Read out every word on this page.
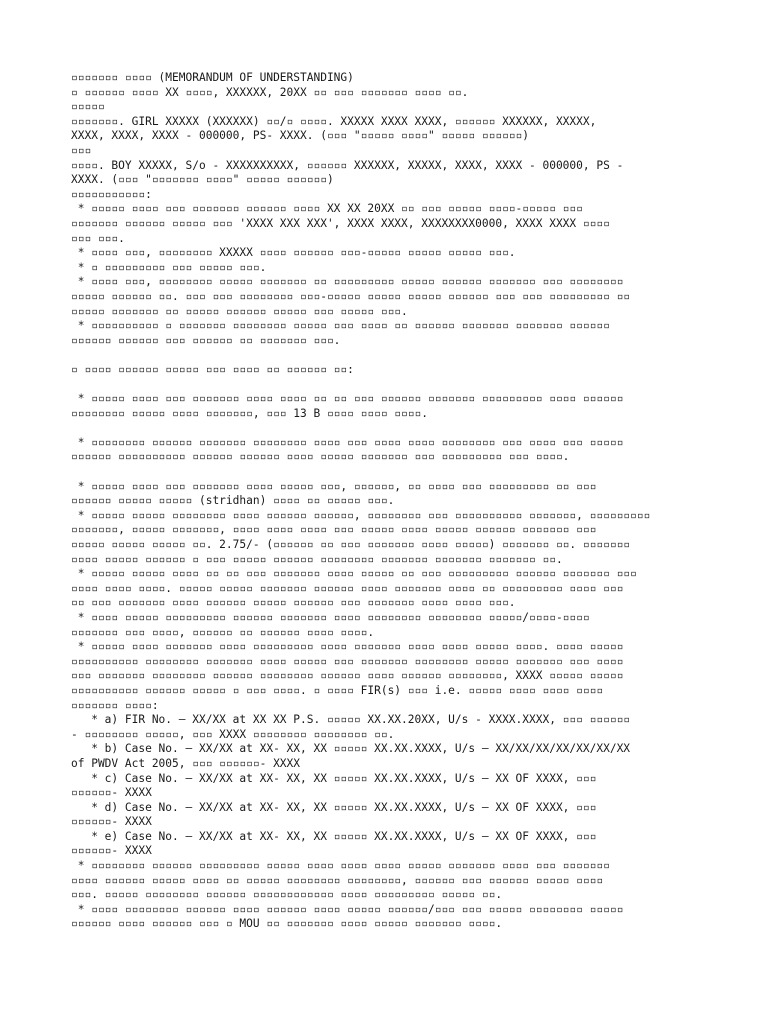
▫▫▫▫▫▫▫ ▫▫▫▫ (MEMORANDUM OF UNDERSTANDING)
▫ ▫▫▫▫▫▫ ▫▫▫▫ XX ▫▫▫▫, XXXXXX, 20XX ▫▫ ▫▫▫ ▫▫▫▫▫▫▫ ▫▫▫▫ ▫▫.
▫▫▫▫▫
▫▫▫▫▫▫▫. GIRL XXXXX (XXXXXX) ▫▫/▫ ▫▫▫▫. XXXXX XXXX XXXX, ▫▫▫▫▫▫ XXXXXX, XXXXX,
XXXX, XXXX, XXXX - 000000, PS- XXXX. (▫▫▫ "▫▫▫▫▫ ▫▫▫▫" ▫▫▫▫▫ ▫▫▫▫▫▫)
▫▫▫
▫▫▫▫. BOY XXXXX, S/o - XXXXXXXXXX, ▫▫▫▫▫▫ XXXXXX, XXXXX, XXXX, XXXX - 000000, PS -
XXXX. (▫▫▫ "▫▫▫▫▫▫▫ ▫▫▫▫" ▫▫▫▫▫ ▫▫▫▫▫▫)
▫▫▫▫▫▫▫▫▫▫▫:
* ▫▫▫▫▫ ▫▫▫▫ ▫▫▫ ▫▫▫▫▫▫▫ ▫▫▫▫▫▫ ▫▫▫▫ XX XX 20XX ▫▫ ▫▫▫ ▫▫▫▫▫ ▫▫▫▫-▫▫▫▫▫ ▫▫▫
▫▫▫▫▫▫▫ ▫▫▫▫▫▫ ▫▫▫▫▫ ▫▫▫ 'XXXX XXX XXX', XXXX XXXX, XXXXXXXX0000, XXXX XXXX ▫▫▫▫
▫▫▫ ▫▫▫.
* ▫▫▫▫ ▫▫▫, ▫▫▫▫▫▫▫▫ XXXXX ▫▫▫▫ ▫▫▫▫▫▫ ▫▫▫-▫▫▫▫▫ ▫▫▫▫▫ ▫▫▫▫▫ ▫▫▫.
* ▫ ▫▫▫▫▫▫▫▫▫ ▫▫▫ ▫▫▫▫▫ ▫▫▫.
* ▫▫▫▫ ▫▫▫, ▫▫▫▫▫▫▫▫ ▫▫▫▫▫ ▫▫▫▫▫▫▫ ▫▫ ▫▫▫▫▫▫▫▫▫ ▫▫▫▫▫ ▫▫▫▫▫▫ ▫▫▫▫▫▫▫ ▫▫▫ ▫▫▫▫▫▫▫▫
▫▫▫▫▫ ▫▫▫▫▫▫ ▫▫. ▫▫▫ ▫▫▫ ▫▫▫▫▫▫▫▫ ▫▫▫-▫▫▫▫▫ ▫▫▫▫▫ ▫▫▫▫▫ ▫▫▫▫▫▫ ▫▫▫ ▫▫▫ ▫▫▫▫▫▫▫▫▫ ▫▫
▫▫▫▫▫ ▫▫▫▫▫▫▫ ▫▫ ▫▫▫▫▫ ▫▫▫▫▫▫ ▫▫▫▫▫ ▫▫▫ ▫▫▫▫▫ ▫▫▫.
* ▫▫▫▫▫▫▫▫▫▫ ▫ ▫▫▫▫▫▫▫ ▫▫▫▫▫▫▫▫ ▫▫▫▫▫ ▫▫▫ ▫▫▫▫ ▫▫ ▫▫▫▫▫▫ ▫▫▫▫▫▫▫ ▫▫▫▫▫▫▫ ▫▫▫▫▫▫
▫▫▫▫▫▫ ▫▫▫▫▫▫ ▫▫▫ ▫▫▫▫▫▫ ▫▫ ▫▫▫▫▫▫▫ ▫▫▫.
▫ ▫▫▫▫ ▫▫▫▫▫▫ ▫▫▫▫▫ ▫▫▫ ▫▫▫▫ ▫▫ ▫▫▫▫▫▫ ▫▫:
* ▫▫▫▫▫ ▫▫▫▫ ▫▫▫ ▫▫▫▫▫▫▫ ▫▫▫▫ ▫▫▫▫ ▫▫ ▫▫ ▫▫▫ ▫▫▫▫▫▫ ▫▫▫▫▫▫▫ ▫▫▫▫▫▫▫▫▫ ▫▫▫▫ ▫▫▫▫▫▫
▫▫▫▫▫▫▫▫ ▫▫▫▫▫ ▫▫▫▫ ▫▫▫▫▫▫▫, ▫▫▫ 13 B ▫▫▫▫ ▫▫▫▫ ▫▫▫▫.
* ▫▫▫▫▫▫▫▫ ▫▫▫▫▫▫ ▫▫▫▫▫▫▫ ▫▫▫▫▫▫▫▫ ▫▫▫▫ ▫▫▫ ▫▫▫▫ ▫▫▫▫ ▫▫▫▫▫▫▫▫ ▫▫▫ ▫▫▫▫ ▫▫▫ ▫▫▫▫▫
▫▫▫▫▫▫ ▫▫▫▫▫▫▫▫▫▫ ▫▫▫▫▫▫ ▫▫▫▫▫▫ ▫▫▫▫ ▫▫▫▫▫ ▫▫▫▫▫▫▫ ▫▫▫ ▫▫▫▫▫▫▫▫▫ ▫▫▫ ▫▫▫▫.
* ▫▫▫▫▫ ▫▫▫▫ ▫▫▫ ▫▫▫▫▫▫▫ ▫▫▫▫ ▫▫▫▫▫ ▫▫▫, ▫▫▫▫▫▫, ▫▫ ▫▫▫▫ ▫▫▫ ▫▫▫▫▫▫▫▫▫ ▫▫ ▫▫▫
▫▫▫▫▫▫ ▫▫▫▫▫ ▫▫▫▫▫ (stridhan) ▫▫▫▫ ▫▫ ▫▫▫▫▫ ▫▫▫.
* ▫▫▫▫▫ ▫▫▫▫▫ ▫▫▫▫▫▫▫▫ ▫▫▫▫ ▫▫▫▫▫▫ ▫▫▫▫▫▫, ▫▫▫▫▫▫▫▫ ▫▫▫ ▫▫▫▫▫▫▫▫▫▫ ▫▫▫▫▫▫▫, ▫▫▫▫▫▫▫▫▫
▫▫▫▫▫▫▫, ▫▫▫▫▫ ▫▫▫▫▫▫▫, ▫▫▫▫ ▫▫▫▫ ▫▫▫▫ ▫▫▫ ▫▫▫▫▫ ▫▫▫▫ ▫▫▫▫▫ ▫▫▫▫▫▫ ▫▫▫▫▫▫▫ ▫▫▫
▫▫▫▫▫ ▫▫▫▫▫ ▫▫▫▫▫ ▫▫. 2.75/- (▫▫▫▫▫▫ ▫▫ ▫▫▫ ▫▫▫▫▫▫▫ ▫▫▫▫ ▫▫▫▫▫) ▫▫▫▫▫▫▫ ▫▫. ▫▫▫▫▫▫▫
▫▫▫▫ ▫▫▫▫▫ ▫▫▫▫▫▫ ▫ ▫▫▫ ▫▫▫▫▫ ▫▫▫▫▫▫ ▫▫▫▫▫▫▫▫ ▫▫▫▫▫▫▫ ▫▫▫▫▫▫▫ ▫▫▫▫▫▫▫ ▫▫.
* ▫▫▫▫▫ ▫▫▫▫▫ ▫▫▫▫ ▫▫ ▫▫ ▫▫▫ ▫▫▫▫▫▫▫ ▫▫▫▫ ▫▫▫▫▫ ▫▫ ▫▫▫ ▫▫▫▫▫▫▫▫▫ ▫▫▫▫▫▫ ▫▫▫▫▫▫▫ ▫▫▫
▫▫▫▫ ▫▫▫▫ ▫▫▫▫. ▫▫▫▫▫ ▫▫▫▫▫ ▫▫▫▫▫▫▫ ▫▫▫▫▫▫ ▫▫▫▫ ▫▫▫▫▫▫▫ ▫▫▫▫ ▫▫ ▫▫▫▫▫▫▫▫▫ ▫▫▫▫ ▫▫▫
▫▫ ▫▫▫ ▫▫▫▫▫▫▫ ▫▫▫▫ ▫▫▫▫▫▫ ▫▫▫▫▫ ▫▫▫▫▫▫ ▫▫▫ ▫▫▫▫▫▫▫ ▫▫▫▫ ▫▫▫▫ ▫▫▫.
* ▫▫▫▫ ▫▫▫▫▫ ▫▫▫▫▫▫▫▫▫ ▫▫▫▫▫▫ ▫▫▫▫▫▫▫ ▫▫▫▫ ▫▫▫▫▫▫▫▫ ▫▫▫▫▫▫▫▫ ▫▫▫▫▫/▫▫▫▫-▫▫▫▫
▫▫▫▫▫▫▫ ▫▫▫ ▫▫▫▫, ▫▫▫▫▫▫ ▫▫ ▫▫▫▫▫▫ ▫▫▫▫ ▫▫▫▫.
* ▫▫▫▫▫ ▫▫▫▫ ▫▫▫▫▫▫▫ ▫▫▫▫ ▫▫▫▫▫▫▫▫▫ ▫▫▫▫ ▫▫▫▫▫▫▫ ▫▫▫▫ ▫▫▫▫ ▫▫▫▫▫ ▫▫▫▫. ▫▫▫▫ ▫▫▫▫▫
▫▫▫▫▫▫▫▫▫▫ ▫▫▫▫▫▫▫▫ ▫▫▫▫▫▫▫ ▫▫▫▫ ▫▫▫▫▫ ▫▫▫ ▫▫▫▫▫▫▫ ▫▫▫▫▫▫▫▫ ▫▫▫▫▫ ▫▫▫▫▫▫▫ ▫▫▫ ▫▫▫▫
▫▫▫ ▫▫▫▫▫▫▫ ▫▫▫▫▫▫▫▫ ▫▫▫▫▫▫ ▫▫▫▫▫▫▫▫ ▫▫▫▫▫▫ ▫▫▫▫ ▫▫▫▫▫▫ ▫▫▫▫▫▫▫▫, XXXX ▫▫▫▫▫ ▫▫▫▫▫
▫▫▫▫▫▫▫▫▫▫ ▫▫▫▫▫▫ ▫▫▫▫▫ ▫ ▫▫▫ ▫▫▫▫. ▫ ▫▫▫▫ FIR(s) ▫▫▫ i.e. ▫▫▫▫▫ ▫▫▫▫ ▫▫▫▫ ▫▫▫▫
▫▫▫▫▫▫▫ ▫▫▫▫:
* a) FIR No. – XX/XX at XX XX P.S. ▫▫▫▫▫ XX.XX.20XX, U/s - XXXX.XXXX, ▫▫▫ ▫▫▫▫▫▫
- ▫▫▫▫▫▫▫▫ ▫▫▫▫▫, ▫▫▫ XXXX ▫▫▫▫▫▫▫▫ ▫▫▫▫▫▫▫▫ ▫▫.
* b) Case No. – XX/XX at XX- XX, XX ▫▫▫▫▫ XX.XX.XXXX, U/s – XX/XX/XX/XX/XX/XX/XX
of PWDV Act 2005, ▫▫▫ ▫▫▫▫▫▫- XXXX
* c) Case No. – XX/XX at XX- XX, XX ▫▫▫▫▫ XX.XX.XXXX, U/s – XX OF XXXX, ▫▫▫
▫▫▫▫▫▫- XXXX
* d) Case No. – XX/XX at XX- XX, XX ▫▫▫▫▫ XX.XX.XXXX, U/s – XX OF XXXX, ▫▫▫
▫▫▫▫▫▫- XXXX
* e) Case No. – XX/XX at XX- XX, XX ▫▫▫▫▫ XX.XX.XXXX, U/s – XX OF XXXX, ▫▫▫
▫▫▫▫▫▫- XXXX
* ▫▫▫▫▫▫▫▫ ▫▫▫▫▫▫ ▫▫▫▫▫▫▫▫▫ ▫▫▫▫▫ ▫▫▫▫ ▫▫▫▫ ▫▫▫▫ ▫▫▫▫▫ ▫▫▫▫▫▫▫ ▫▫▫▫ ▫▫▫ ▫▫▫▫▫▫▫
▫▫▫▫ ▫▫▫▫▫▫ ▫▫▫▫▫ ▫▫▫▫ ▫▫ ▫▫▫▫▫ ▫▫▫▫▫▫▫▫ ▫▫▫▫▫▫▫▫, ▫▫▫▫▫▫ ▫▫▫ ▫▫▫▫▫▫ ▫▫▫▫▫ ▫▫▫▫
▫▫▫. ▫▫▫▫▫ ▫▫▫▫▫▫▫▫ ▫▫▫▫▫▫ ▫▫▫▫▫▫▫▫▫▫▫▫ ▫▫▫▫ ▫▫▫▫▫▫▫▫▫ ▫▫▫▫▫ ▫▫.
* ▫▫▫▫ ▫▫▫▫▫▫▫▫ ▫▫▫▫▫▫ ▫▫▫▫ ▫▫▫▫▫▫ ▫▫▫▫ ▫▫▫▫▫ ▫▫▫▫▫▫/▫▫▫ ▫▫▫ ▫▫▫▫▫ ▫▫▫▫▫▫▫▫ ▫▫▫▫▫
▫▫▫▫▫▫ ▫▫▫▫ ▫▫▫▫▫▫ ▫▫▫ ▫ MOU ▫▫ ▫▫▫▫▫▫▫ ▫▫▫▫ ▫▫▫▫▫ ▫▫▫▫▫▫▫ ▫▫▫▫.
